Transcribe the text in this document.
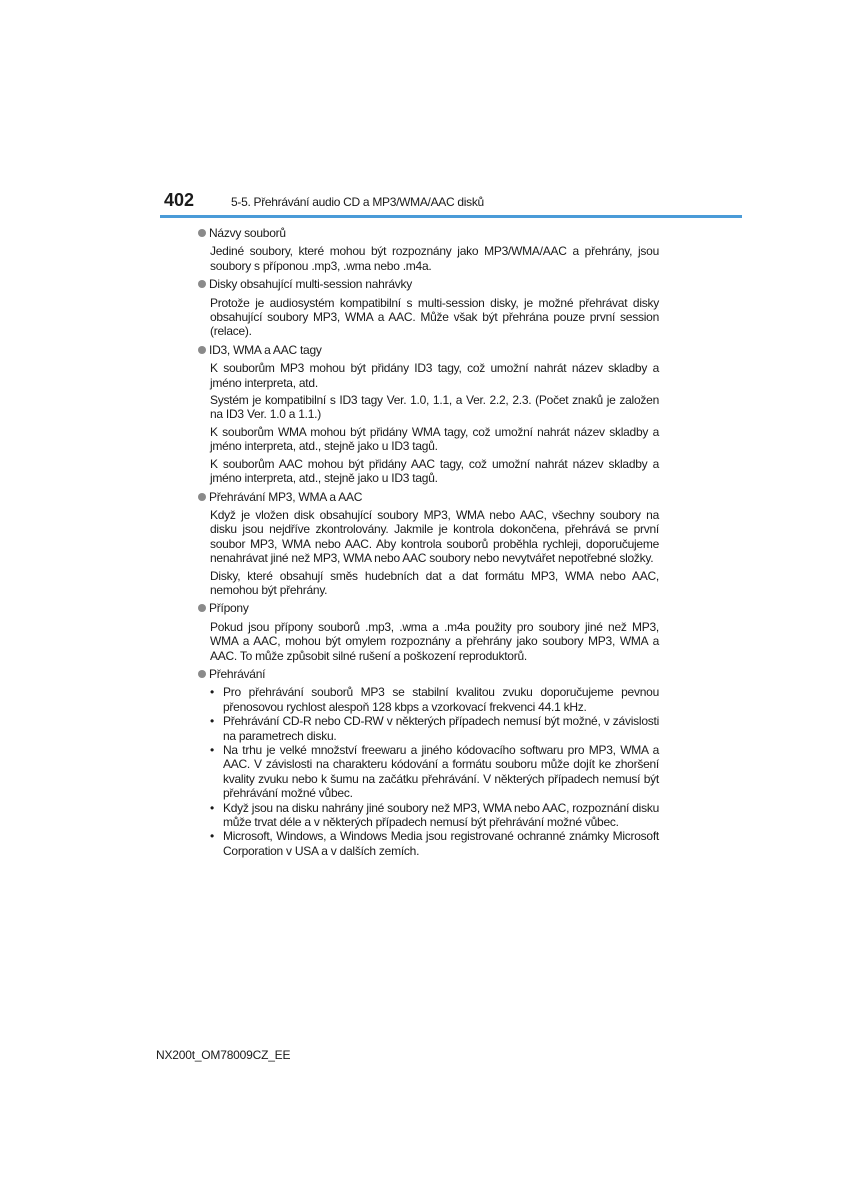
402	5-5. Přehrávání audio CD a MP3/WMA/AAC disků
Názvy souborů

Jediné soubory, které mohou být rozpoznány jako MP3/WMA/AAC a přehrány, jsou soubory s příponou .mp3, .wma nebo .m4a.

Disky obsahující multi-session nahrávky

Protože je audiosystém kompatibilní s multi-session disky, je možné přehrávat disky obsahující soubory MP3, WMA a AAC. Může však být přehrána pouze první session (relace).

ID3, WMA a AAC tagy

K souborům MP3 mohou být přidány ID3 tagy, což umožní nahrát název skladby a jméno interpreta, atd.

Systém je kompatibilní s ID3 tagy Ver. 1.0, 1.1, a Ver. 2.2, 2.3. (Počet znaků je založen na ID3 Ver. 1.0 a 1.1.)

K souborům WMA mohou být přidány WMA tagy, což umožní nahrát název skladby a jméno interpreta, atd., stejně jako u ID3 tagů.

K souborům AAC mohou být přidány AAC tagy, což umožní nahrát název skladby a jméno interpreta, atd., stejně jako u ID3 tagů.

Přehrávání MP3, WMA a AAC

Když je vložen disk obsahující soubory MP3, WMA nebo AAC, všechny soubory na disku jsou nejdříve zkontrolovány. Jakmile je kontrola dokončena, přehrává se první soubor MP3, WMA nebo AAC. Aby kontrola souborů proběhla rychleji, doporučujeme nenahrávat jiné než MP3, WMA nebo AAC soubory nebo nevytvářet nepotřebné složky.

Disky, které obsahují směs hudebních dat a dat formátu MP3, WMA nebo AAC, nemohou být přehrány.

Přípony

Pokud jsou přípony souborů .mp3, .wma a .m4a použity pro soubory jiné než MP3, WMA a AAC, mohou být omylem rozpoznány a přehrány jako soubory MP3, WMA a AAC. To může způsobit silné rušení a poškození reproduktorů.

Přehrávání
• Pro přehrávání souborů MP3 se stabilní kvalitou zvuku doporučujeme pevnou přenosovou rychlost alespoň 128 kbps a vzorkovací frekvenci 44.1 kHz.
• Přehrávání CD-R nebo CD-RW v některých případech nemusí být možné, v závislosti na parametrech disku.
• Na trhu je velké množství freewaru a jiného kódovacího softwaru pro MP3, WMA a AAC. V závislosti na charakteru kódování a formátu souboru může dojít ke zhoršení kvality zvuku nebo k šumu na začátku přehrávání. V některých případech nemusí být přehrávání možné vůbec.
• Když jsou na disku nahrány jiné soubory než MP3, WMA nebo AAC, rozpoznání disku může trvat déle a v některých případech nemusí být přehrávání možné vůbec.
• Microsoft, Windows, a Windows Media jsou registrované ochranné známky Microsoft Corporation v USA a v dalších zemích.
NX200t_OM78009CZ_EE
